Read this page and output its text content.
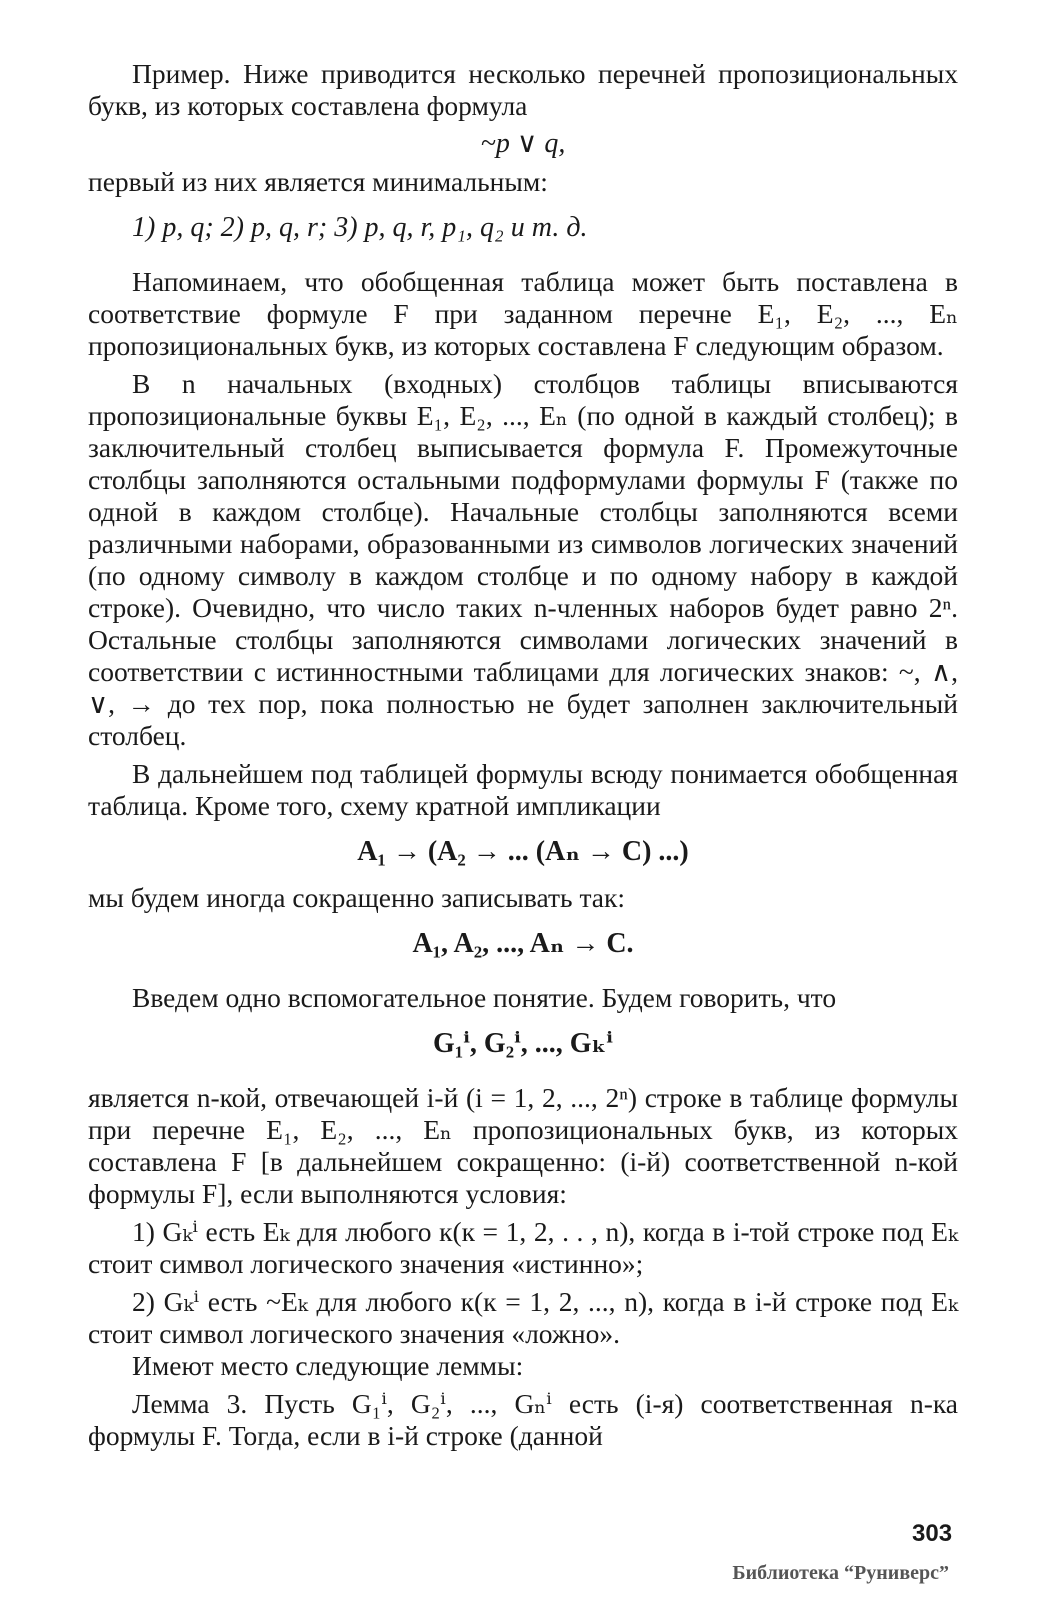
Пример. Ниже приводится несколько перечней пропозициональных букв, из которых составлена формула

~p ∨ q,

первый из них является минимальным:

1) p, q; 2) p, q, r; 3) p, q, r, p₁, q₂ и т. д.

Напоминаем, что обобщенная таблица может быть поставлена в соответствие формуле F при заданном перечне E₁, E₂, ..., Eₙ пропозициональных букв, из которых составлена F следующим образом.

В n начальных (входных) столбцов таблицы вписываются пропозициональные буквы E₁, E₂, ..., Eₙ (по одной в каждый столбец); в заключительный столбец выписывается формула F. Промежуточные столбцы заполняются остальными подформулами формулы F (также по одной в каждом столбце). Начальные столбцы заполняются всеми различными наборами, образованными из символов логических значений (по одному символу в каждом столбце и по одному набору в каждой строке). Очевидно, что число таких n-членных наборов будет равно 2ⁿ. Остальные столбцы заполняются символами логических значений в соответствии с истинностными таблицами для логических знаков: ~, ∧, ∨, → до тех пор, пока полностью не будет заполнен заключительный столбец.

В дальнейшем под таблицей формулы всюду понимается обобщенная таблица. Кроме того, схему кратной импликации

A₁ → (A₂ → ... (Aₙ → C) ...)

мы будем иногда сокращенно записывать так:

A₁, A₂, ..., Aₙ → C.

Введем одно вспомогательное понятие. Будем говорить, что

G₁ⁱ, G₂ⁱ, ..., Gₖⁱ

является n-кой, отвечающей i-й (i = 1, 2, ..., 2ⁿ) строке в таблице формулы при перечне E₁, E₂, ..., Eₙ пропозициональных букв, из которых составлена F [в дальнейшем сокращенно: (i-й) соответственной n-кой формулы F], если выполняются условия:

1) Gₖⁱ есть Eₖ для любого к(к = 1, 2, . . , n), когда в i-той строке под Eₖ стоит символ логического значения «истинно»;

2) Gₖⁱ есть ~Eₖ для любого к(к = 1, 2, ..., n), когда в i-й строке под Eₖ стоит символ логического значения «ложно».

Имеют место следующие леммы:

Лемма 3. Пусть G₁ⁱ, G₂ⁱ, ..., Gₙⁱ есть (i-я) соответственная n-ка формулы F. Тогда, если в i-й строке (данной

303
Библиотека “Руниверс”
